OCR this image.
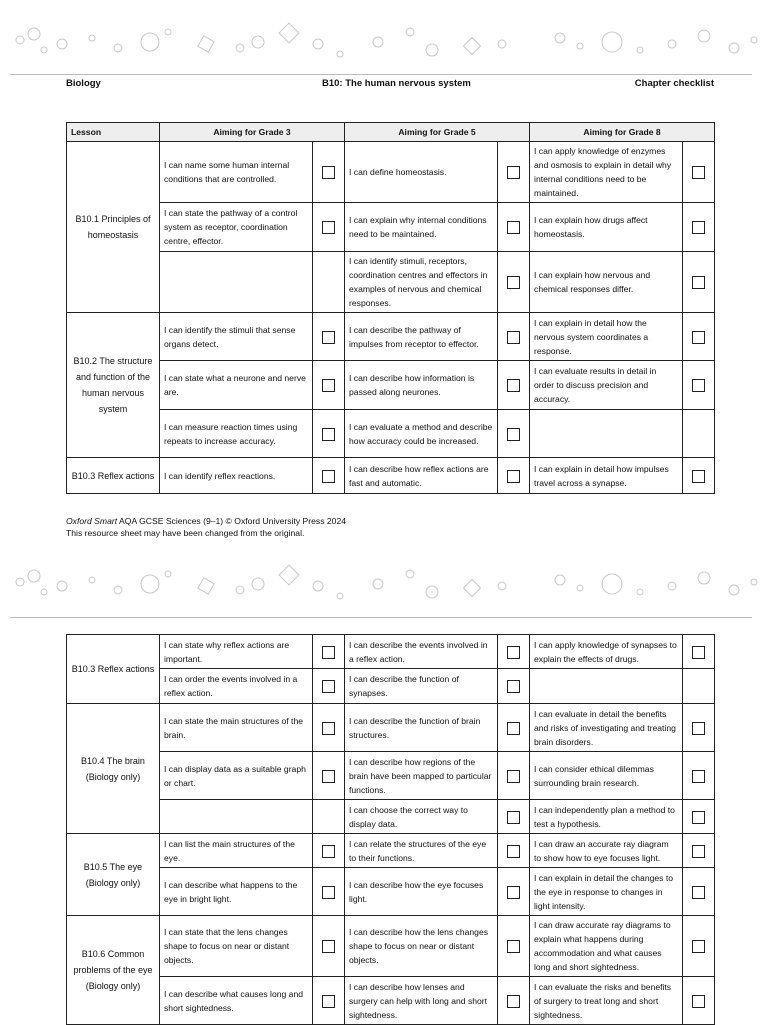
Biology	B10: The human nervous system	Chapter checklist
Lesson	Aiming for Grade 3		Aiming for Grade 5		Aiming for Grade 8	
B10.1 Principles of homeostasis	I can name some human internal conditions that are controlled.		I can define homeostasis.		I can apply knowledge of enzymes and osmosis to explain in detail why internal conditions need to be maintained.	
	I can state the pathway of a control system as receptor, coordination centre, effector.		I can explain why internal conditions need to be maintained.		I can explain how drugs affect homeostasis.	
			I can identify stimuli, receptors, coordination centres and effectors in examples of nervous and chemical responses.		I can explain how nervous and chemical responses differ.	
B10.2 The structure and function of the human nervous system	I can identify the stimuli that sense organs detect.		I can describe the pathway of impulses from receptor to effector.		I can explain in detail how the nervous system coordinates a response.	
	I can state what a neurone and nerve are.		I can describe how information is passed along neurones.		I can evaluate results in detail in order to discuss precision and accuracy.	
	I can measure reaction times using repeats to increase accuracy.		I can evaluate a method and describe how accuracy could be increased.			
B10.3 Reflex actions	I can identify reflex reactions.		I can describe how reflex actions are fast and automatic.		I can explain in detail how impulses travel across a synapse.	
Oxford Smart AQA GCSE Sciences (9–1) © Oxford University Press 2024
This resource sheet may have been changed from the original.
B10.3 Reflex actions	I can state why reflex actions are important.		I can describe the events involved in a reflex action.		I can apply knowledge of synapses to explain the effects of drugs.	
	I can order the events involved in a reflex action.		I can describe the function of synapses.			
B10.4 The brain (Biology only)	I can state the main structures of the brain.		I can describe the function of brain structures.		I can evaluate in detail the benefits and risks of investigating and treating brain disorders.	
	I can display data as a suitable graph or chart.		I can describe how regions of the brain have been mapped to particular functions.		I can consider ethical dilemmas surrounding brain research.	
			I can choose the correct way to display data.		I can independently plan a method to test a hypothesis.	
B10.5 The eye (Biology only)	I can list the main structures of the eye.		I can relate the structures of the eye to their functions.		I can draw an accurate ray diagram to show how to eye focuses light.	
	I can describe what happens to the eye in bright light.		I can describe how the eye focuses light.		I can explain in detail the changes to the eye in response to changes in light intensity.	
B10.6 Common problems of the eye (Biology only)	I can state that the lens changes shape to focus on near or distant objects.		I can describe how the lens changes shape to focus on near or distant objects.		I can draw accurate ray diagrams to explain what happens during accommodation and what causes long and short sightedness.	
	I can describe what causes long and short sightedness.		I can describe how lenses and surgery can help with long and short sightedness.		I can evaluate the risks and benefits of surgery to treat long and short sightedness.	
